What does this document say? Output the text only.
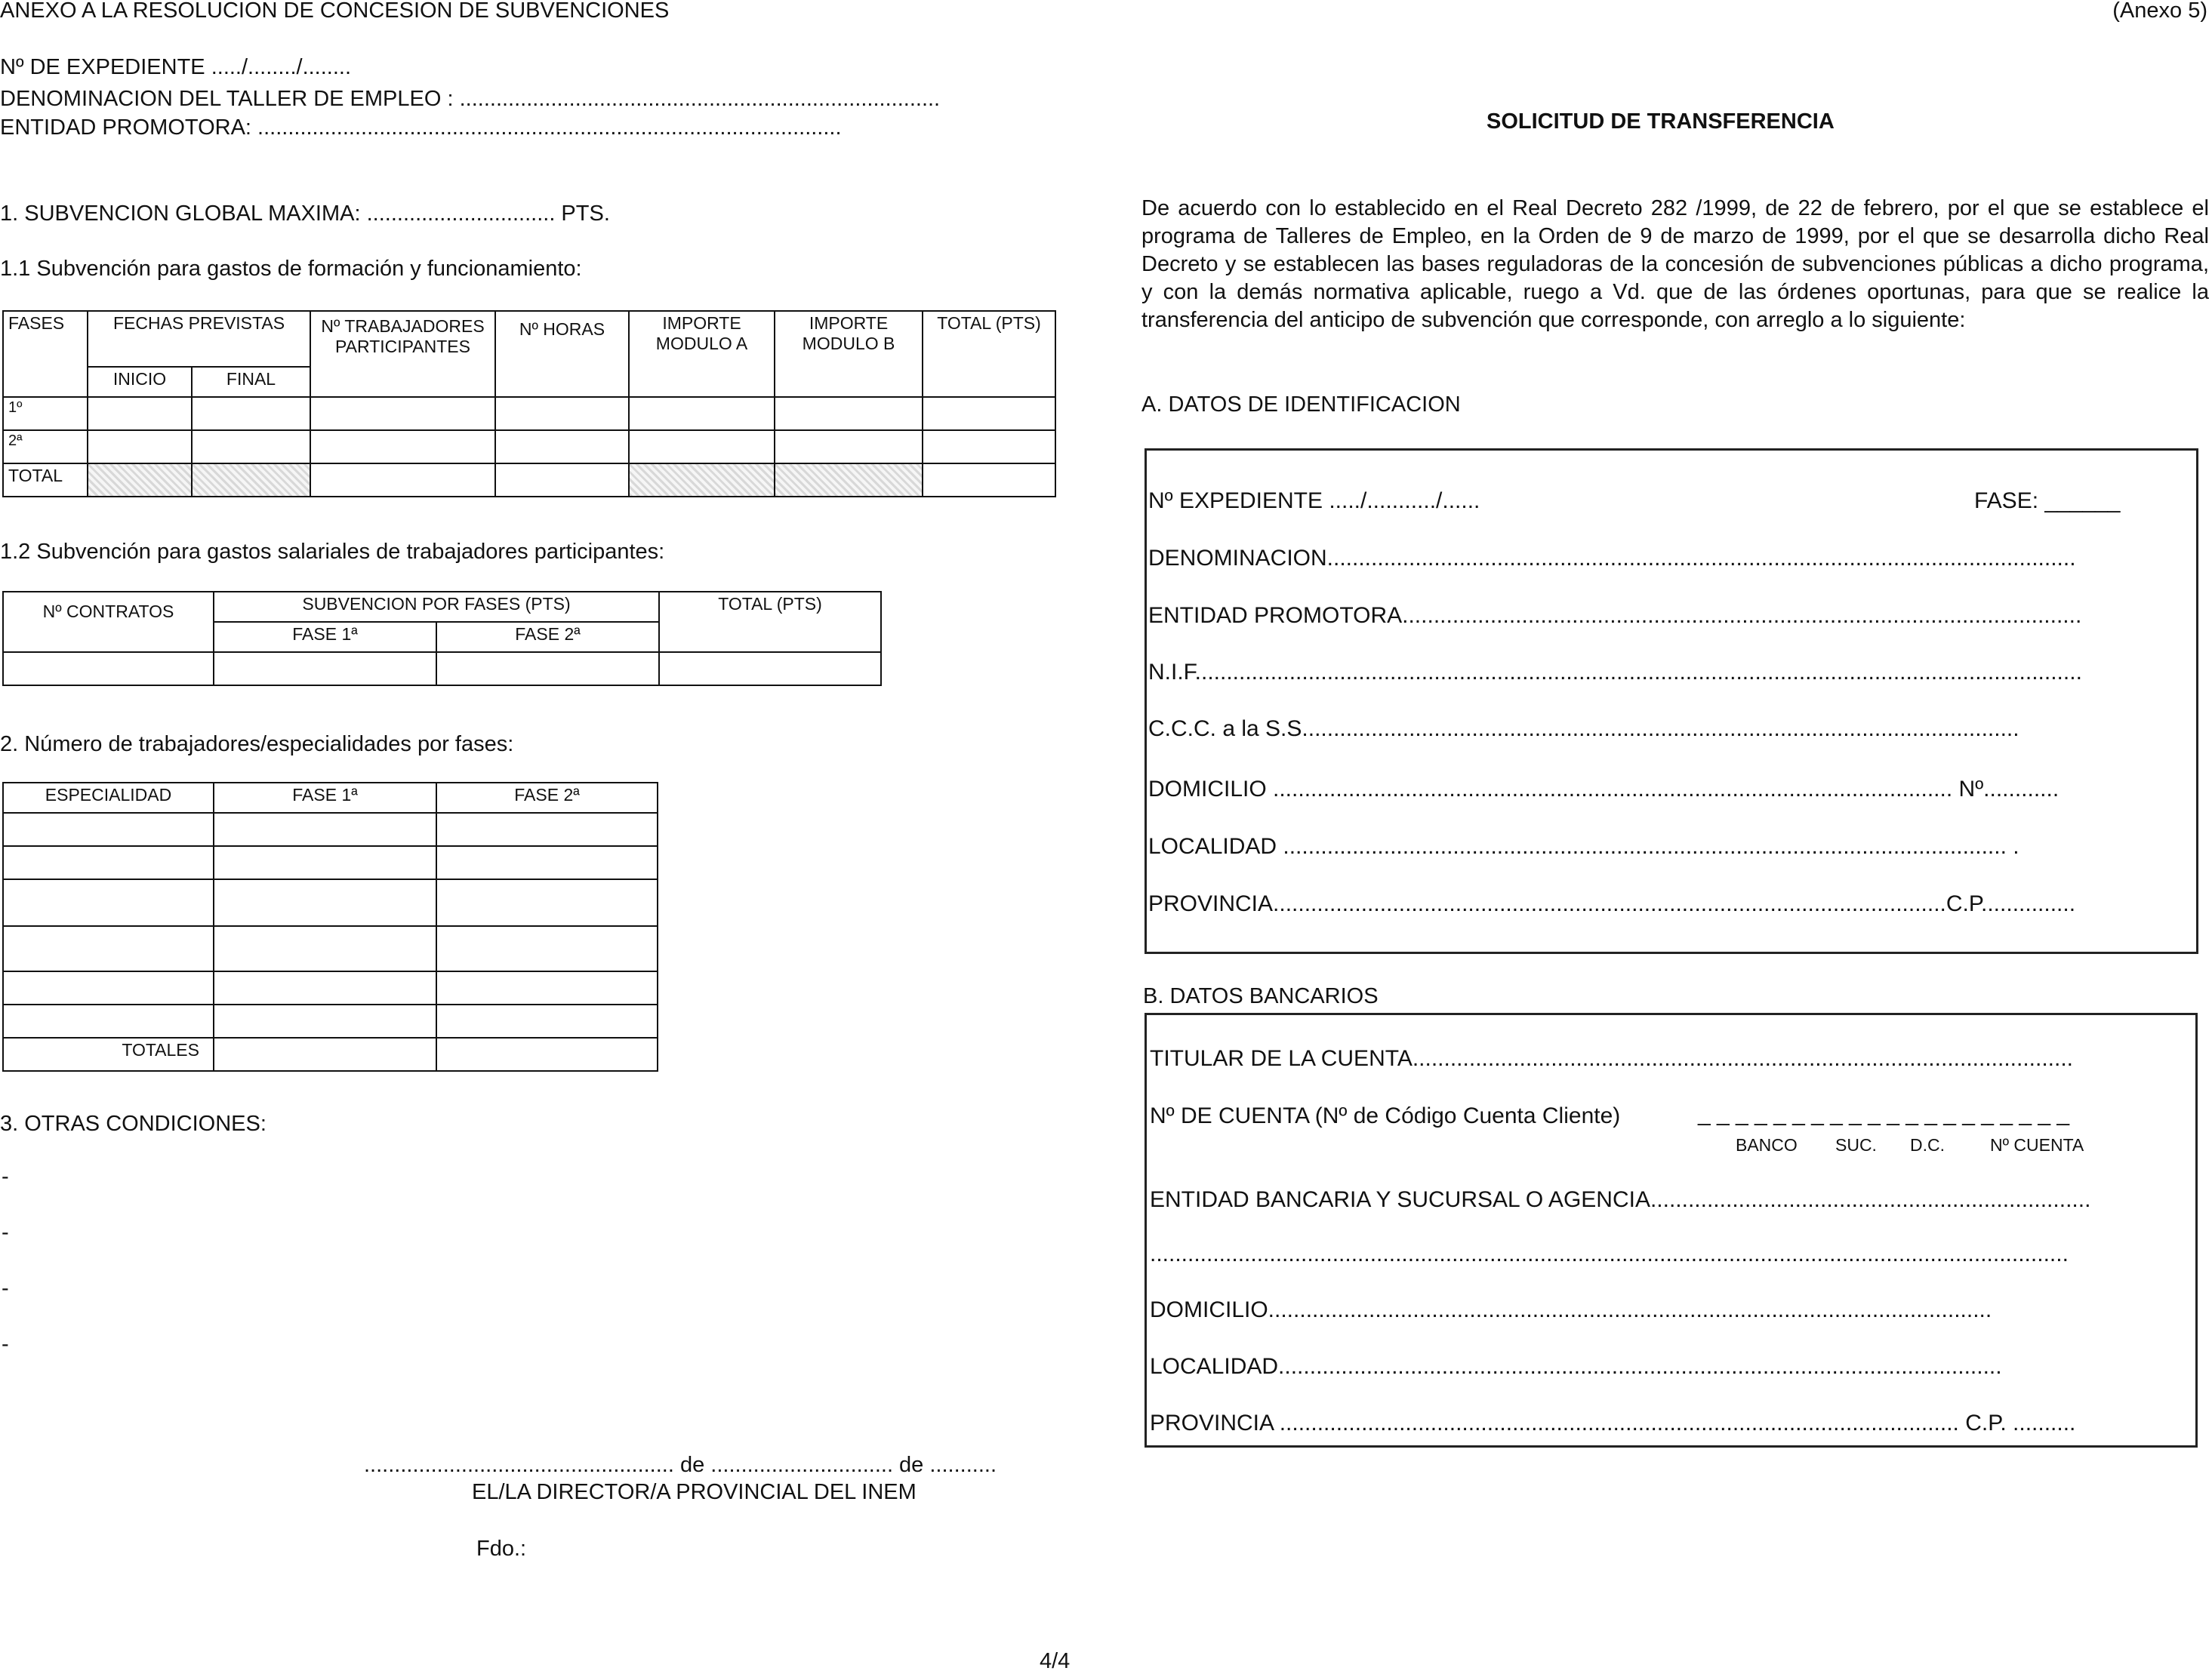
ANEXO A LA RESOLUCION DE CONCESION DE SUBVENCIONES	(Anexo 5)
Nº DE EXPEDIENTE ...../......../........
DENOMINACION DEL TALLER DE EMPLEO : ...............................................................................
ENTIDAD PROMOTORA: ................................................................................................
1. SUBVENCION GLOBAL MAXIMA: ............................... PTS.
1.1 Subvención para gastos de formación y funcionamiento:
FASES	FECHAS PREVISTAS		Nº TRABAJADORES PARTICIPANTES	Nº HORAS	IMPORTE MODULO A	IMPORTE MODULO B	TOTAL (PTS)
	INICIO	FINAL					
1º							
2ª							
TOTAL							
1.2 Subvención para gastos salariales de trabajadores participantes:
Nº CONTRATOS	SUBVENCION POR FASES (PTS)		TOTAL (PTS)
	FASE 1ª	FASE 2ª	

2. Número de trabajadores/especialidades por fases:
ESPECIALIDAD	FASE 1ª	FASE 2ª

TOTALES		
3. OTRAS CONDICIONES:
-
-
-
-
................................................... de .............................. de ...........
EL/LA DIRECTOR/A PROVINCIAL DEL INEM
Fdo.:
4/4
SOLICITUD DE TRANSFERENCIA
De acuerdo con lo establecido en el Real Decreto 282 /1999, de 22 de febrero, por el que se establece el programa de Talleres de Empleo, en la Orden de 9 de marzo de 1999, por el que se desarrolla dicho Real Decreto y se establecen las bases reguladoras de la concesión de subvenciones públicas a dicho programa, y con la demás normativa aplicable, ruego a Vd. que de las órdenes oportunas, para que se realice la transferencia del anticipo de subvención que corresponde, con arreglo a lo siguiente:
A. DATOS DE IDENTIFICACION
Nº EXPEDIENTE ...../.........../......	FASE: ______
DENOMINACION.......................................................................................................................
ENTIDAD PROMOTORA............................................................................................................
N.I.F.............................................................................................................................................
C.C.C. a la S.S..................................................................................................................
DOMICILIO ............................................................................................................ Nº............
LOCALIDAD ................................................................................................................... .
PROVINCIA...........................................................................................................C.P...............
B. DATOS BANCARIOS
TITULAR DE LA CUENTA.........................................................................................................
Nº DE CUENTA (Nº de Código Cuenta Cliente)	_ _ _ _ _ _ _ _ _ _ _ _ _ _ _ _ _ _ _ _
BANCO SUC. D.C.	Nº CUENTA
ENTIDAD BANCARIA Y SUCURSAL O AGENCIA......................................................................
..................................................................................................................................................
DOMICILIO...................................................................................................................
LOCALIDAD...................................................................................................................
PROVINCIA ............................................................................................................ C.P. ..........
